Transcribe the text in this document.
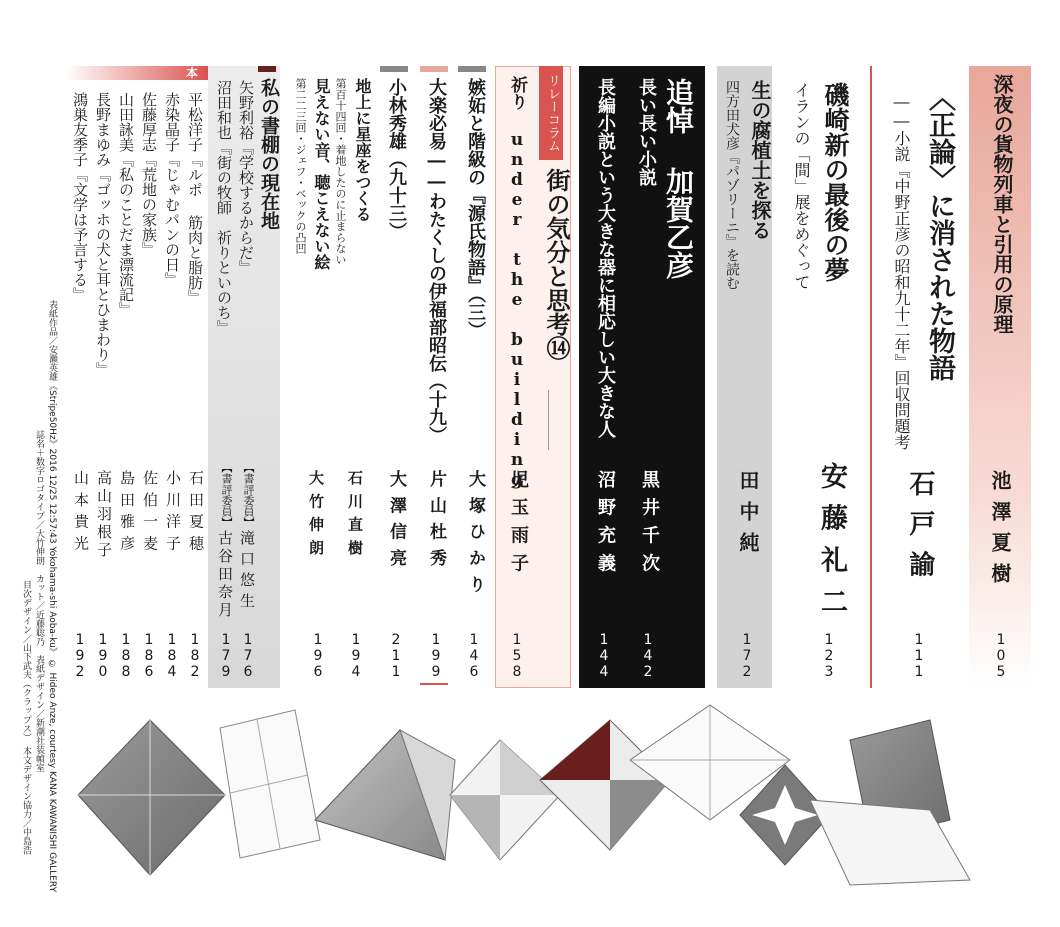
深夜の貨物列車と引用の原理
池澤夏樹
105
〈正論〉に消された物語
――小説『中野正彦の昭和九十二年』回収問題考
石戸諭
111
磯崎新の最後の夢
イランの「間」展をめぐって
安藤礼二
123
生の腐植土を探る
四方田犬彦『パゾリーニ』を読む
田中純
172
追悼 加賀乙彦
長い長い小説
黒井千次
142
長編小説という大きな器に相応しい大きな人
沼野充義
144
リレーコラム
街の気分と思考⑭
祈り under the building
児玉雨子
158
嫉妬と階級の『源氏物語』（三）
大塚ひかり
146
大楽必易――わたくしの伊福部昭伝（十九）
片山杜秀
199
小林秀雄（九十三）
大澤信亮
211
地上に星座をつくる
第百十四回・着地したのに止まらない
石川直樹
194
見えない音、聴こえない絵
第二二三回・ジェフ・ベックの凸凹
大竹伸朗
196
私の書棚の現在地
矢野利裕『学校するからだ』
沼田和也『街の牧師　祈りといのち』
【書評委員】
滝口悠生
176
【書評委員】
古谷田奈月
179
本
平松洋子『ルポ 筋肉と脂肪』
石田夏穂
182
赤染晶子『じゃむパンの日』
小川洋子
184
佐藤厚志『荒地の家族』
佐伯一麦
186
山田詠美『私のことだま漂流記』
島田雅彦
188
長野まゆみ『ゴッホの犬と耳とひまわり』
高山羽根子
190
鴻巣友季子『文学は予言する』
山本貴光
192
表紙作品／安瀬英雄《Stripe50Hz》2016 12/25 12:57:43 Yokohama-shi Aoba-ku》 © Hideo Anze, courtesy KANA KAWANISHI GALLERY
誌名＋数字ロゴタイプ／大竹伸朗　カット／近藤聡乃　表紙デザイン／新潮社装幀室
目次デザイン／山下武夫（クラップス）　本文デザイン協力／中島浩
